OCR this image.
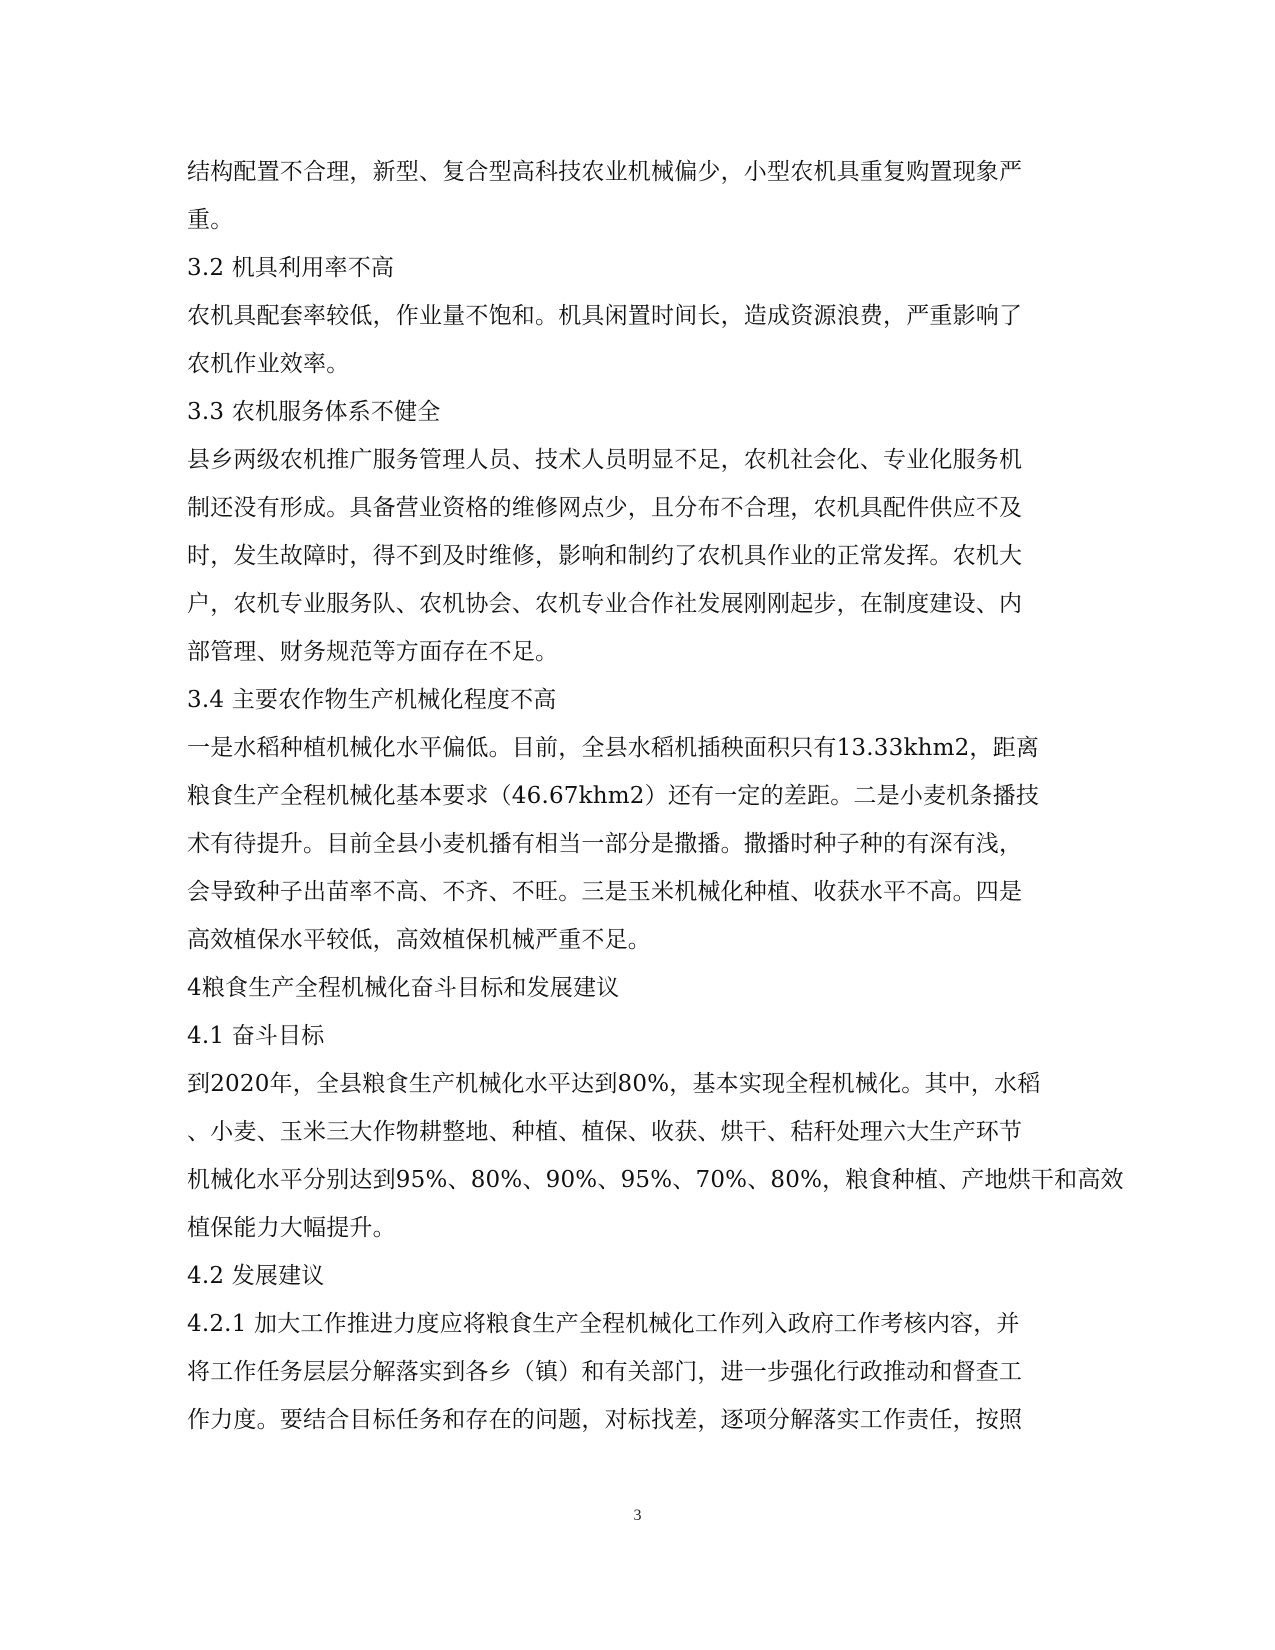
结构配置不合理，新型、复合型高科技农业机械偏少，小型农机具重复购置现象严
重。
3.2 机具利用率不高
农机具配套率较低，作业量不饱和。机具闲置时间长，造成资源浪费，严重影响了
农机作业效率。
3.3 农机服务体系不健全
县乡两级农机推广服务管理人员、技术人员明显不足，农机社会化、专业化服务机
制还没有形成。具备营业资格的维修网点少，且分布不合理，农机具配件供应不及
时，发生故障时，得不到及时维修，影响和制约了农机具作业的正常发挥。农机大
户，农机专业服务队、农机协会、农机专业合作社发展刚刚起步，在制度建设、内
部管理、财务规范等方面存在不足。
3.4 主要农作物生产机械化程度不高
一是水稻种植机械化水平偏低。目前，全县水稻机插秧面积只有13.33khm2，距离
粮食生产全程机械化基本要求（46.67khm2）还有一定的差距。二是小麦机条播技
术有待提升。目前全县小麦机播有相当一部分是撒播。撒播时种子种的有深有浅，
会导致种子出苗率不高、不齐、不旺。三是玉米机械化种植、收获水平不高。四是
高效植保水平较低，高效植保机械严重不足。
4粮食生产全程机械化奋斗目标和发展建议
4.1 奋斗目标
到2020年，全县粮食生产机械化水平达到80%，基本实现全程机械化。其中，水稻
、小麦、玉米三大作物耕整地、种植、植保、收获、烘干、秸秆处理六大生产环节
机械化水平分别达到95%、80%、90%、95%、70%、80%，粮食种植、产地烘干和高效
植保能力大幅提升。
4.2 发展建议
4.2.1 加大工作推进力度应将粮食生产全程机械化工作列入政府工作考核内容，并
将工作任务层层分解落实到各乡（镇）和有关部门，进一步强化行政推动和督查工
作力度。要结合目标任务和存在的问题，对标找差，逐项分解落实工作责任，按照
3
